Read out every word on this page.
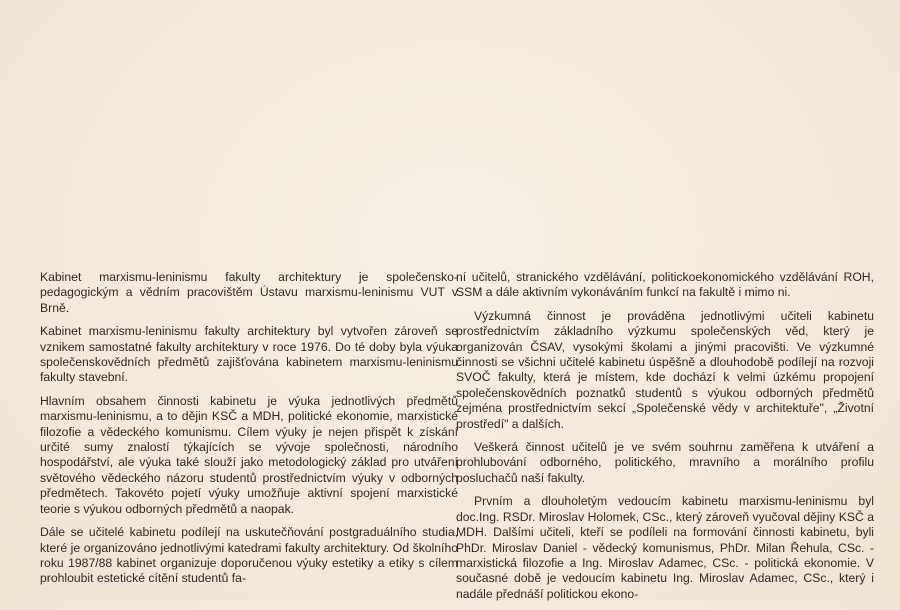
Kabinet marxismu-leninismu fakulty architektury je společensko-pedagogickým a vědním pracovištěm Ústavu marxismu-leninismu VUT v Brně.

Kabinet marxismu-leninismu fakulty architektury byl vytvořen zároveň se vznikem samostatné fakulty architektury v roce 1976. Do té doby byla výuka společenskovědních předmětů zajišťována kabinetem marxismu-leninismu fakulty stavební.

Hlavním obsahem činnosti kabinetu je výuka jednotlivých předmětů marxismu-leninismu, a to dějin KSČ a MDH, politické ekonomie, marxistické filozofie a vědeckého komunismu. Cílem výuky je nejen přispět k získání určité sumy znalostí týkajících se vývoje společnosti, národního hospodářství, ale výuka také slouží jako metodologický základ pro utváření světového vědeckého názoru studentů prostřednictvím výuky v odborných předmětech. Takovéto pojetí výuky umožňuje aktivní spojení marxistické teorie s výukou odborných předmětů a naopak.

Dále se učitelé kabinetu podílejí na uskutečňování postgraduálního studia, které je organizováno jednotlivými katedrami fakulty architektury. Od školního roku 1987/88 kabinet organizuje doporučenou výuky estetiky a etiky s cílem prohloubit estetické cítění studentů fa-

ní učitelů, stranického vzdělávání, politickoekonomického vzdělávání ROH, SSM a dále aktivním vykonáváním funkcí na fakultě i mimo ni.

Výzkumná činnost je prováděna jednotlivými učiteli kabinetu prostřednictvím základního výzkumu společenských věd, který je organizován ČSAV, vysokými školami a jinými pracovišti. Ve výzkumné činnosti se všichni učitelé kabinetu úspěšně a dlouhodobě podílejí na rozvoji SVOČ fakulty, která je místem, kde dochází k velmi úzkému propojení společenskovědních poznatků studentů s výukou odborných předmětů zejména prostřednictvím sekcí „Společenské vědy v architektuře", „Životní prostředí" a dalších.

Veškerá činnost učitelů je ve svém souhrnu zaměřena k utváření a prohlubování odborného, politického, mravního a morálního profilu posluchačů naší fakulty.

Prvním a dlouholetým vedoucím kabinetu marxismu-leninismu byl doc.Ing. RSDr. Miroslav Holomek, CSc., který zároveň vyučoval dějiny KSČ a MDH. Dalšími učiteli, kteří se podíleli na formování činnosti kabinetu, byli PhDr. Miroslav Daniel - vědecký komunismus, PhDr. Milan Řehula, CSc. - marxistická filozofie a Ing. Miroslav Adamec, CSc. - politická ekonomie. V současné době je vedoucím kabinetu Ing. Miroslav Adamec, CSc., který i nadále přednáší politickou ekono-
